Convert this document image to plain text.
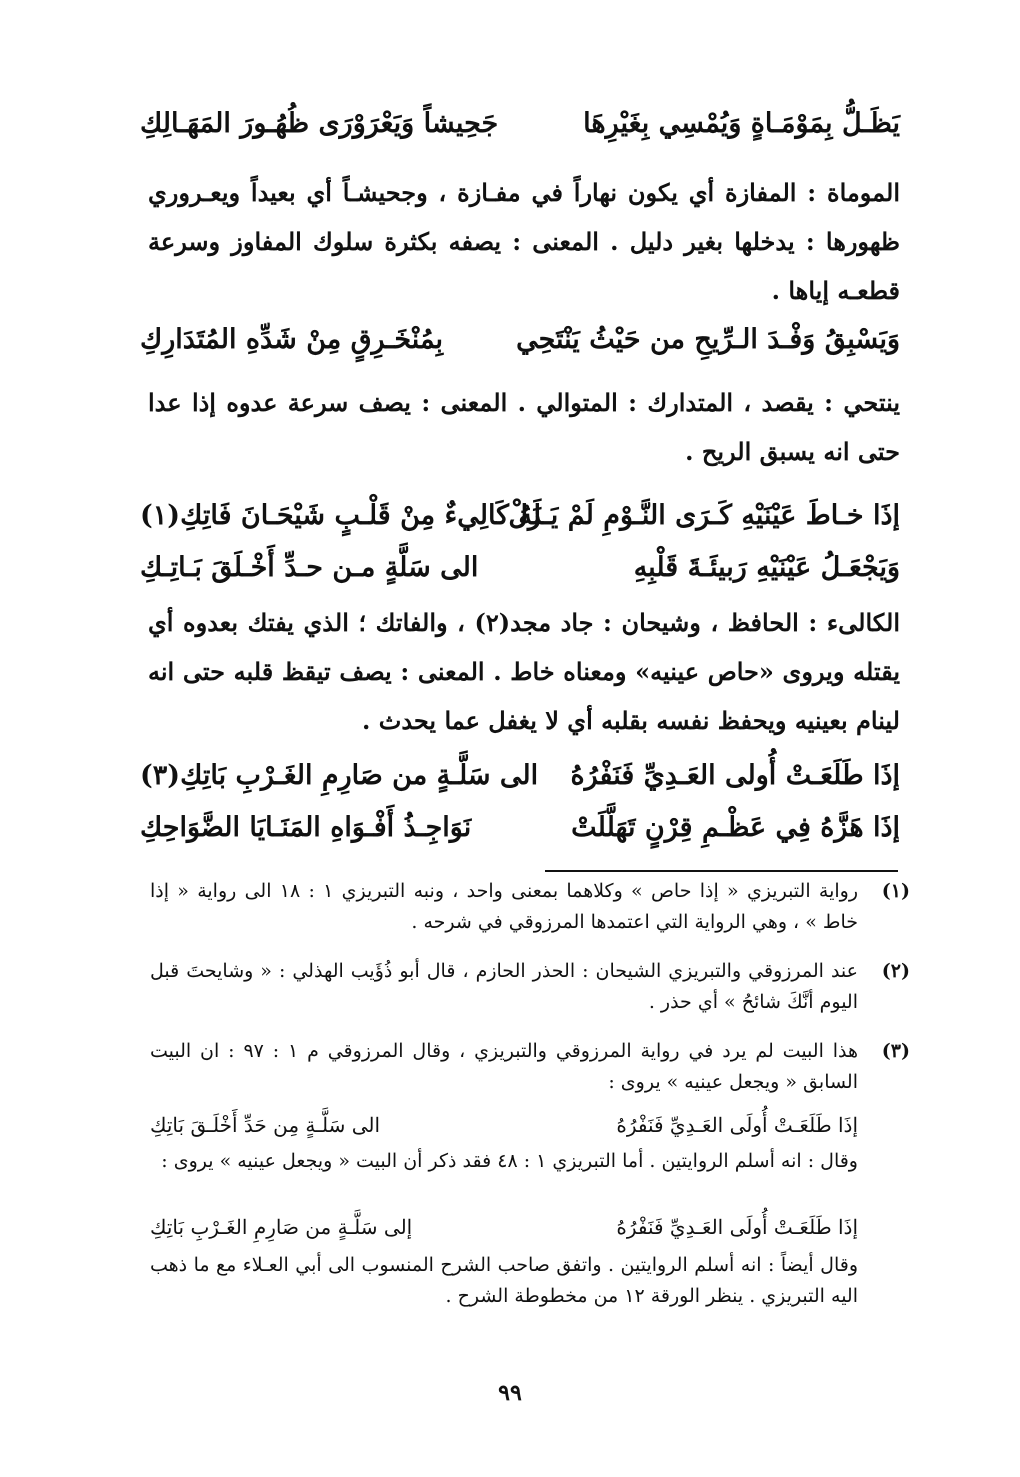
يَظَـلُّ بِمَوْمَـاةٍ وَيُمْسِي بِغَيْرِهَا
جَحِيشاً وَيَعْرَوْرَى ظُهُـورَ المَهَـالِكِ
الموماة : المفازة أي يكون نهاراً في مفـازة ، وجحيشـاً أي بعيداً ويعـروري ظهورها : يدخلها بغير دليل . المعنى : يصفه بكثرة سلوك المفاوز وسرعة قطعـه إياها .
وَيَسْبِقُ وَفْـدَ الـرِّيحِ من حَيْثُ يَنْتَحِي
بِمُنْخَـرِقٍ مِنْ شَدِّهِ المُتَدَارِكِ
ينتحي : يقصد ، المتدارك : المتوالي . المعنى : يصف سرعة عدوه إذا عدا حتى انه يسبق الريح .
إذَا خـاطَ عَيْنَيْهِ كَـرَى النَّـوْمِ لَمْ يَـزَلْ
لَهُ كَالِيءٌ مِنْ قَلْـبٍ شَيْحَـانَ فَاتِكِ(١)
وَيَجْعَـلُ عَيْنَيْهِ رَبيئَـةَ قَلْبِهِ
الى سَلَّةٍ مـن حـدِّ أَخْـلَقَ بَـاتِـكِ
الكالىء : الحافظ ، وشيحان : جاد مجد(٢) ، والفاتك ؛ الذي يفتك بعدوه أي يقتله ويروى «حاص عينيه» ومعناه خاط . المعنى : يصف تيقظ قلبه حتى انه لينام بعينيه ويحفظ نفسه بقلبه أي لا يغفل عما يحدث .
إذَا طَلَعَـتْ أُولى العَـدِيِّ فَنَفْرُهُ
الى سَلَّـةٍ من صَارِمِ الغَـرْبِ بَاتِكِ(٣)
إذَا هَزَّهُ فِي عَظْـمِ قِرْنٍ تَهَلَّلَتْ
نَوَاجِـذُ أَفْـوَاهِ المَنَـايَا الضَّوَاحِكِ
(١)
رواية التبريزي « إذا حاص » وكلاهما بمعنى واحد ، ونبه التبريزي ١ : ١٨ الى رواية « إذا خاط » ، وهي الرواية التي اعتمدها المرزوقي في شرحه .
(٢)
عند المرزوقي والتبريزي الشيحان : الحذر الحازم ، قال أبو ذُؤَيب الهذلي : « وشايحتَ قبل اليوم أنَّكَ شائحُ » أي حذر .
(٣)
هذا البيت لم يرد في رواية المرزوقي والتبريزي ، وقال المرزوقي م ١ : ٩٧ : ان البيت السابق « ويجعل عينيه » يروى :
إذَا طَلَعَـتْ أُولَى العَـدِيِّ فَنَفْرُهُ
الى سَلَّـةٍ مِن حَدِّ أَخْلَـقَ بَاتِكِ
وقال : انه أسلم الروايتين . أما التبريزي ١ : ٤٨ فقد ذكر أن البيت « ويجعل عينيه » يروى :
إذَا طَلَعَـتْ أُولَى العَـدِيِّ فَنَفْرُهُ
إلى سَلَّـةٍ من صَارِمِ الغَـرْبِ بَاتِكِ
وقال أيضاً : انه أسلم الروايتين . واتفق صاحب الشرح المنسوب الى أبي العـلاء مع ما ذهب اليه التبريزي . ينظر الورقة ١٢ من مخطوطة الشرح .
٩٩
